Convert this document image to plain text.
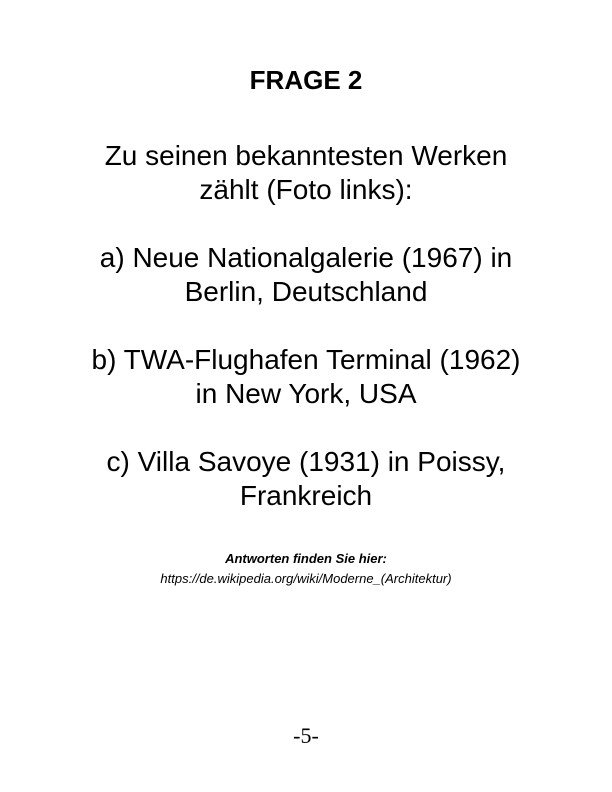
FRAGE 2
Zu seinen bekanntesten Werken
zählt (Foto links):
a) Neue Nationalgalerie (1967) in
Berlin, Deutschland
b) TWA-Flughafen Terminal (1962)
in New York, USA
c) Villa Savoye (1931) in Poissy,
Frankreich
Antworten finden Sie hier:
https://de.wikipedia.org/wiki/Moderne_(Architektur)
-5-
